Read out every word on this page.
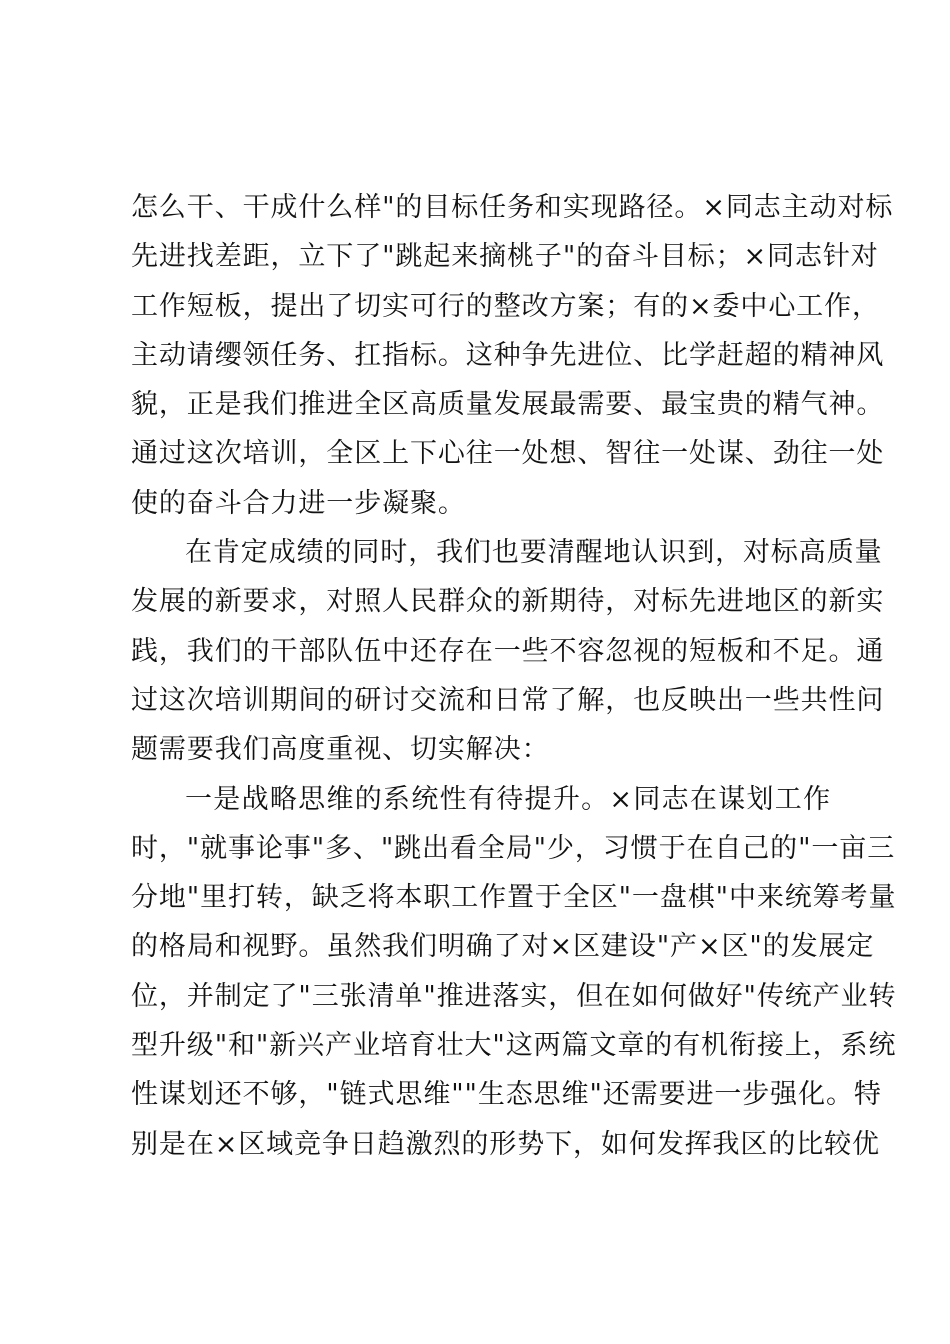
怎么干、干成什么样"的目标任务和实现路径。×同志主动对标
先进找差距，立下了"跳起来摘桃子"的奋斗目标；×同志针对
工作短板，提出了切实可行的整改方案；有的×委中心工作，
主动请缨领任务、扛指标。这种争先进位、比学赶超的精神风
貌，正是我们推进全区高质量发展最需要、最宝贵的精气神。
通过这次培训，全区上下心往一处想、智往一处谋、劲往一处
使的奋斗合力进一步凝聚。
在肯定成绩的同时，我们也要清醒地认识到，对标高质量
发展的新要求，对照人民群众的新期待，对标先进地区的新实
践，我们的干部队伍中还存在一些不容忽视的短板和不足。通
过这次培训期间的研讨交流和日常了解，也反映出一些共性问
题需要我们高度重视、切实解决：
一是战略思维的系统性有待提升。×同志在谋划工作
时，"就事论事"多、"跳出看全局"少，习惯于在自己的"一亩三
分地"里打转，缺乏将本职工作置于全区"一盘棋"中来统筹考量
的格局和视野。虽然我们明确了对×区建设"产×区"的发展定
位，并制定了"三张清单"推进落实，但在如何做好"传统产业转
型升级"和"新兴产业培育壮大"这两篇文章的有机衔接上，系统
性谋划还不够，"链式思维""生态思维"还需要进一步强化。特
别是在×区域竞争日趋激烈的形势下，如何发挥我区的比较优
